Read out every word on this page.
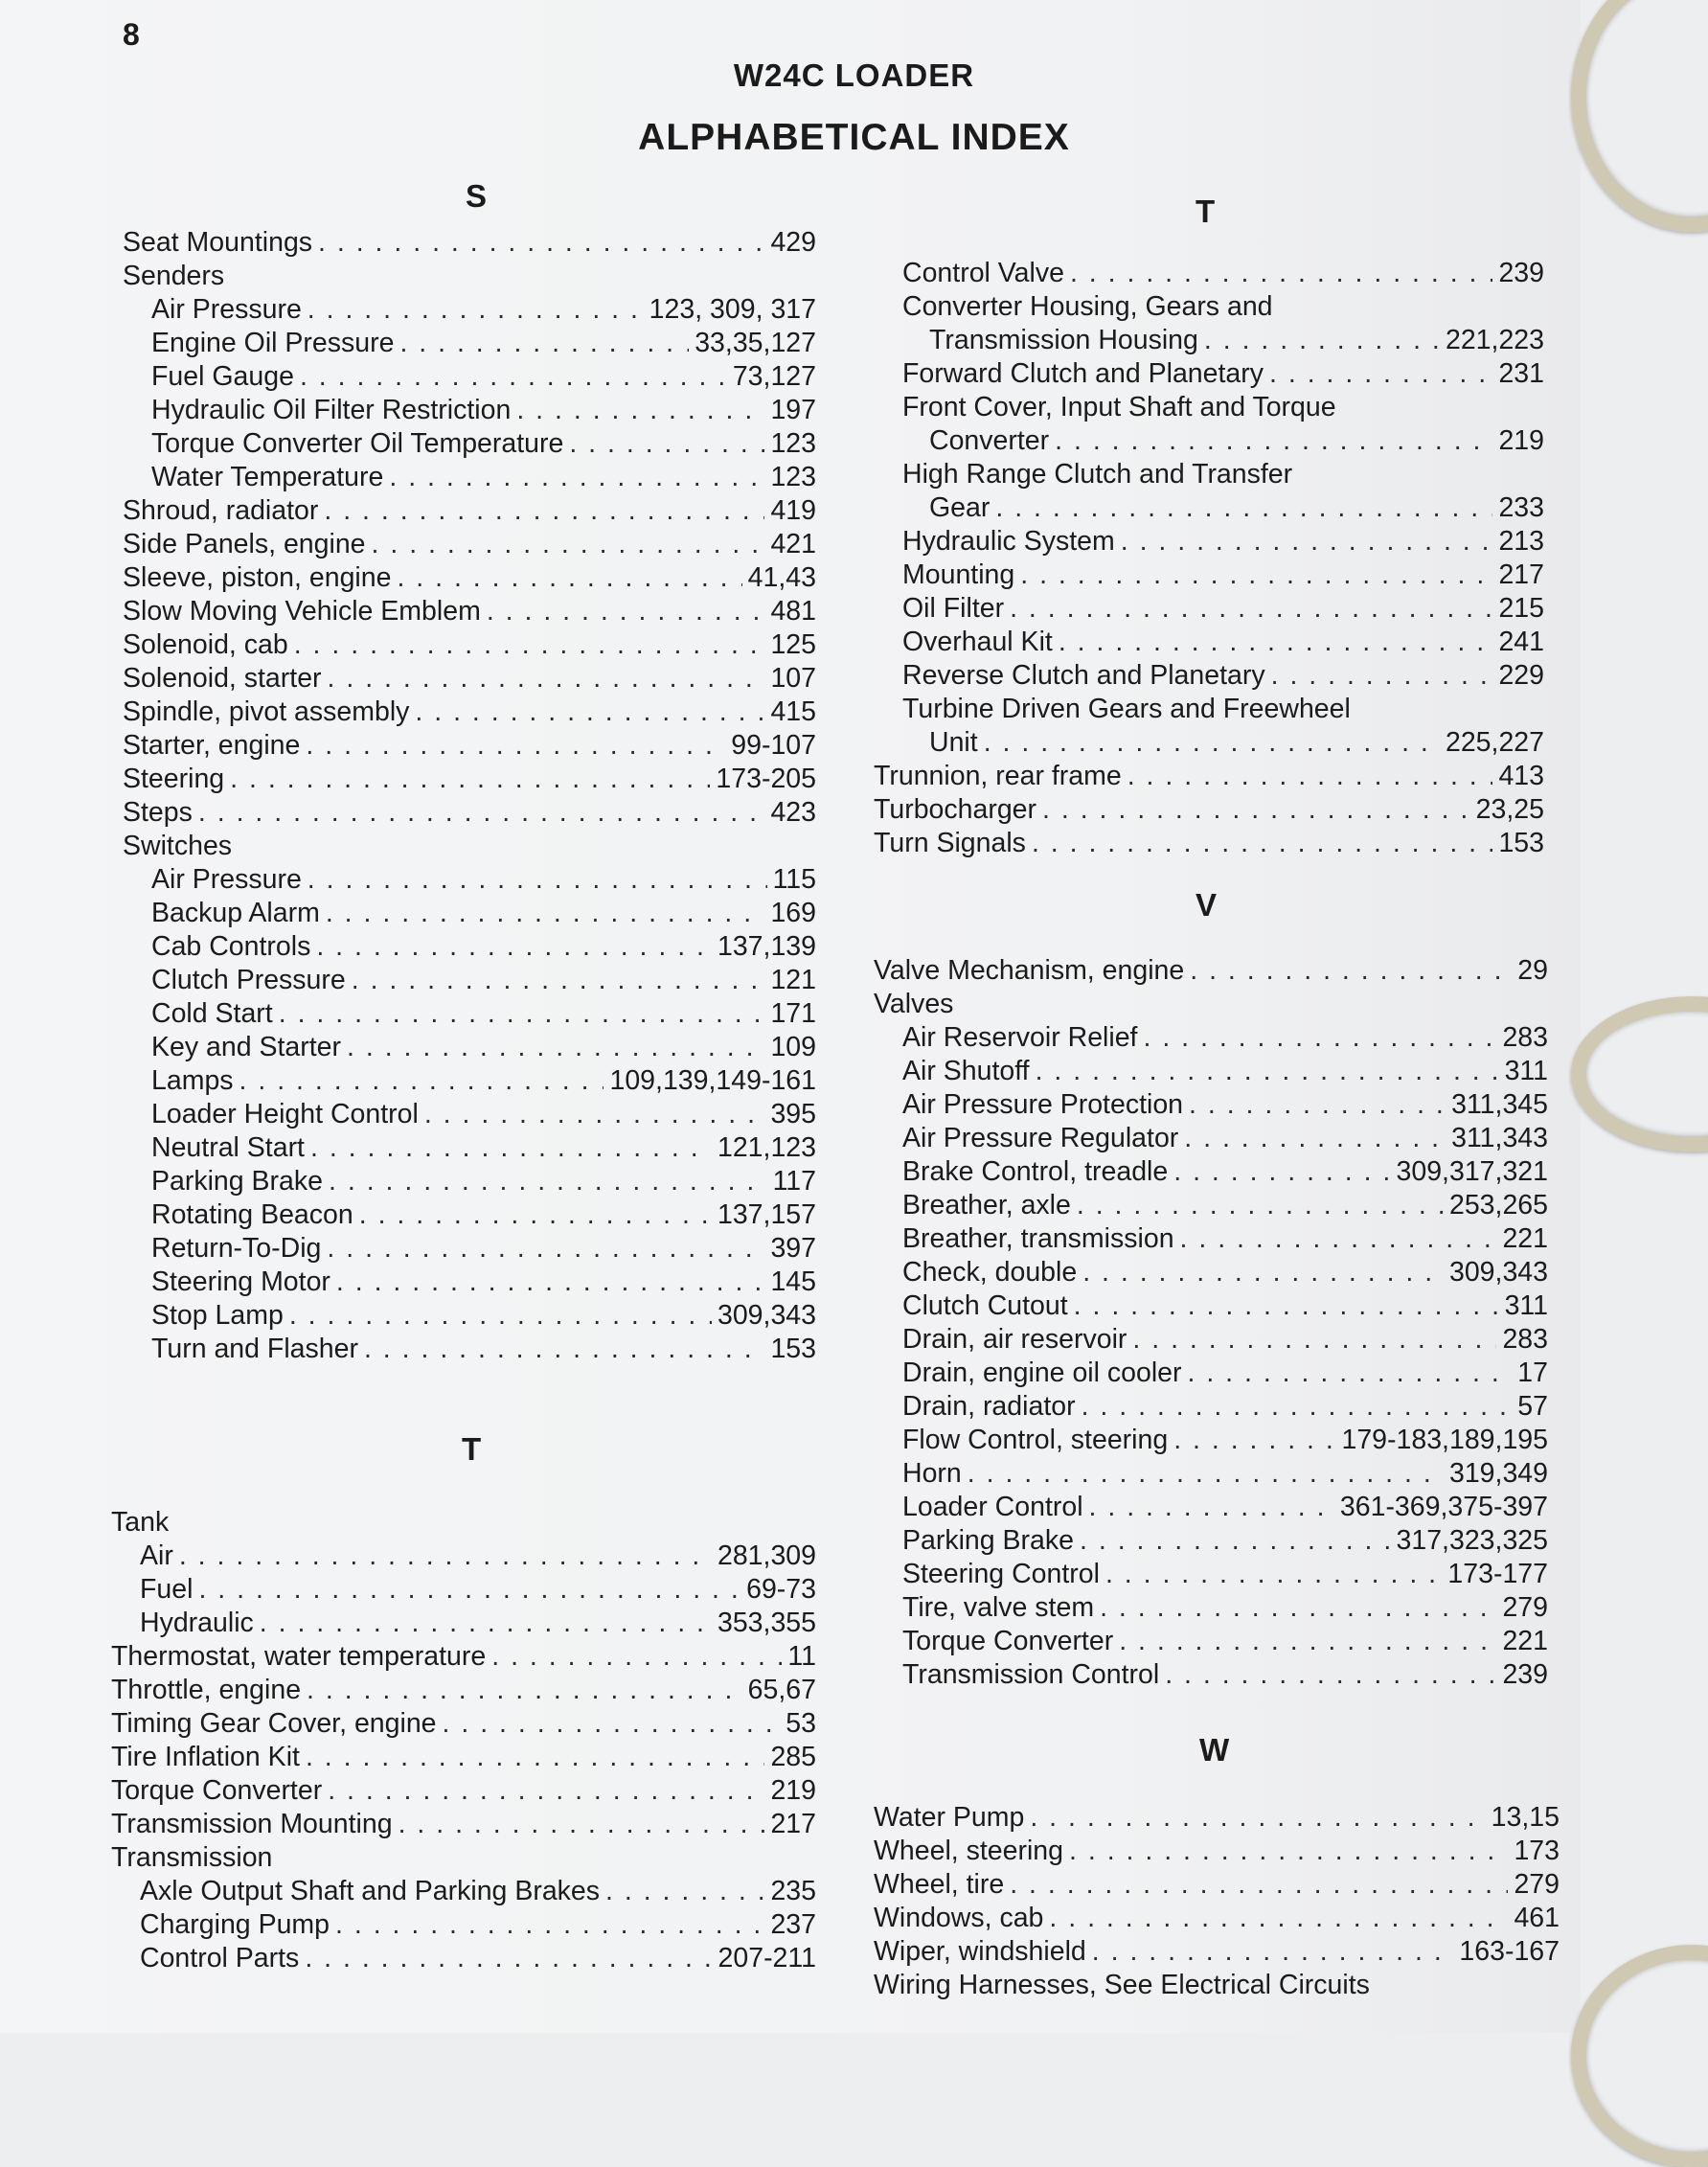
8
W24C LOADER
ALPHABETICAL INDEX
S
Seat Mountings . . .	429
Senders
Air Pressure . . .	123, 309, 317
Engine Oil Pressure . . .	33,35,127
Fuel Gauge . . .	73,127
Hydraulic Oil Filter Restriction . . .	197
Torque Converter Oil Temperature . . .	123
Water Temperature . . .	123
Shroud, radiator . . .	419
Side Panels, engine . . .	421
Sleeve, piston, engine . . .	41,43
Slow Moving Vehicle Emblem . . .	481
Solenoid, cab . . .	125
Solenoid, starter . . .	107
Spindle, pivot assembly . . .	415
Starter, engine . . .	99-107
Steering . . .	173-205
Steps . . .	423
Switches
Air Pressure . . .	115
Backup Alarm . . .	169
Cab Controls . . .	137,139
Clutch Pressure . . .	121
Cold Start . . .	171
Key and Starter . . .	109
Lamps . . .	109,139,149-161
Loader Height Control . . .	395
Neutral Start . . .	121,123
Parking Brake . . .	117
Rotating Beacon . . .	137,157
Return-To-Dig . . .	397
Steering Motor . . .	145
Stop Lamp . . .	309,343
Turn and Flasher . . .	153
T
Tank
Air . . .	281,309
Fuel . . .	69-73
Hydraulic . . .	353,355
Thermostat, water temperature . . .	11
Throttle, engine . . .	65,67
Timing Gear Cover, engine . . .	53
Tire Inflation Kit . . .	285
Torque Converter . . .	219
Transmission Mounting . . .	217
Transmission
Axle Output Shaft and Parking Brakes . . .	235
Charging Pump . . .	237
Control Parts . . .	207-211
T
Control Valve . . .	239
Converter Housing, Gears and
Transmission Housing . . .	221,223
Forward Clutch and Planetary . . .	231
Front Cover, Input Shaft and Torque
Converter . . .	219
High Range Clutch and Transfer
Gear . . .	233
Hydraulic System . . .	213
Mounting . . .	217
Oil Filter . . .	215
Overhaul Kit . . .	241
Reverse Clutch and Planetary . . .	229
Turbine Driven Gears and Freewheel
Unit . . .	225,227
Trunnion, rear frame . . .	413
Turbocharger . . .	23,25
Turn Signals . . .	153
V
Valve Mechanism, engine . . .	29
Valves
Air Reservoir Relief . . .	283
Air Shutoff . . .	311
Air Pressure Protection . . .	311,345
Air Pressure Regulator . . .	311,343
Brake Control, treadle . . .	309,317,321
Breather, axle . . .	253,265
Breather, transmission . . .	221
Check, double . . .	309,343
Clutch Cutout . . .	311
Drain, air reservoir . . .	283
Drain, engine oil cooler . . .	17
Drain, radiator . . .	57
Flow Control, steering . . .	179-183,189,195
Horn . . .	319,349
Loader Control . . .	361-369,375-397
Parking Brake . . .	317,323,325
Steering Control . . .	173-177
Tire, valve stem . . .	279
Torque Converter . . .	221
Transmission Control . . .	239
W
Water Pump . . .	13,15
Wheel, steering . . .	173
Wheel, tire . . .	279
Windows, cab . . .	461
Wiper, windshield . . .	163-167
Wiring Harnesses, See Electrical Circuits
